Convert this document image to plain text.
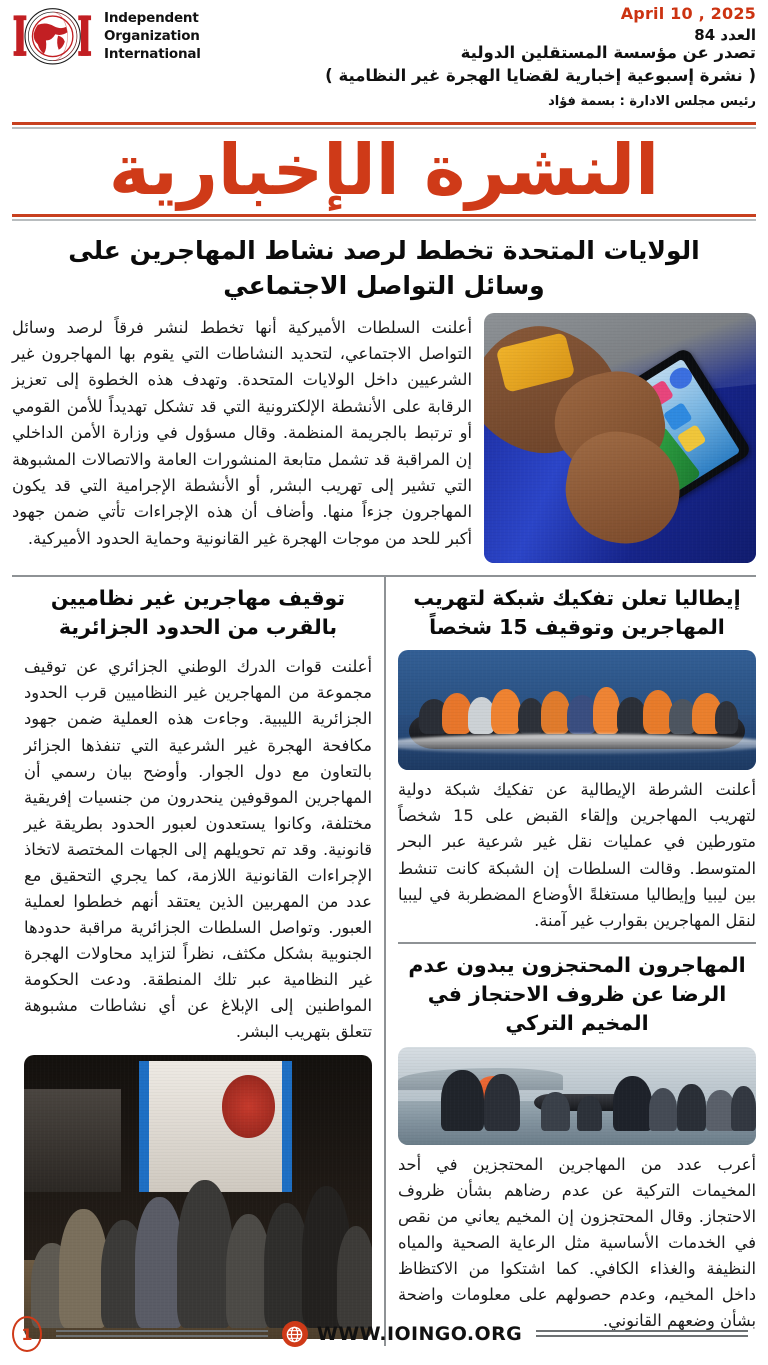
Independent
Organization
International
April 10 , 2025
العدد 84
تصدر عن مؤسسة المستقلين الدولية
( نشرة إسبوعية إخبارية لقضايا الهجرة غير النظامية )
رئيس مجلس الادارة : بسمة فؤاد
النشرة الإخبارية
الولايات المتحدة تخطط لرصد نشاط المهاجرين على وسائل التواصل الاجتماعي
أعلنت السلطات الأميركية أنها تخطط لنشر فرقاً لرصد وسائل التواصل الاجتماعي، لتحديد النشاطات التي يقوم بها المهاجرون غير الشرعيين داخل الولايات المتحدة. وتهدف هذه الخطوة إلى تعزيز الرقابة على الأنشطة الإلكترونية التي قد تشكل تهديداً للأمن القومي أو ترتبط بالجريمة المنظمة. وقال مسؤول في وزارة الأمن الداخلي إن المراقبة قد تشمل متابعة المنشورات العامة والاتصالات المشبوهة التي تشير إلى تهريب البشر, أو الأنشطة الإجرامية التي قد يكون المهاجرون جزءاً منها. وأضاف أن هذه الإجراءات تأتي ضمن جهود أكبر للحد من موجات الهجرة غير القانونية وحماية الحدود الأميركية.
إيطاليا تعلن تفكيك شبكة لتهريب المهاجرين وتوقيف 15 شخصاً
أعلنت الشرطة الإيطالية عن تفكيك شبكة دولية لتهريب المهاجرين وإلقاء القبض على 15 شخصاً متورطين في عمليات نقل غير شرعية عبر البحر المتوسط. وقالت السلطات إن الشبكة كانت تنشط بين ليبيا وإيطاليا مستغلةً الأوضاع المضطربة في ليبيا لنقل المهاجرين بقوارب غير آمنة.
المهاجرون المحتجزون يبدون عدم الرضا عن ظروف الاحتجاز في المخيم التركي
أعرب عدد من المهاجرين المحتجزين في أحد المخيمات التركية عن عدم رضاهم بشأن ظروف الاحتجاز. وقال المحتجزون إن المخيم يعاني من نقص في الخدمات الأساسية مثل الرعاية الصحية والمياه النظيفة والغذاء الكافي. كما اشتكوا من الاكتظاظ داخل المخيم، وعدم حصولهم على معلومات واضحة بشأن وضعهم القانوني.
توقيف مهاجرين غير نظاميين بالقرب من الحدود الجزائرية
أعلنت قوات الدرك الوطني الجزائري عن توقيف مجموعة من المهاجرين غير النظاميين قرب الحدود الجزائرية الليبية. وجاءت هذه العملية ضمن جهود مكافحة الهجرة غير الشرعية التي تنفذها الجزائر بالتعاون مع دول الجوار. وأوضح بيان رسمي أن المهاجرين الموقوفين ينحدرون من جنسيات إفريقية مختلفة، وكانوا يستعدون لعبور الحدود بطريقة غير قانونية. وقد تم تحويلهم إلى الجهات المختصة لاتخاذ الإجراءات القانونية اللازمة، كما يجري التحقيق مع عدد من المهربين الذين يعتقد أنهم خططوا لعملية العبور. وتواصل السلطات الجزائرية مراقبة حدودها الجنوبية بشكل مكثف، نظراً لتزايد محاولات الهجرة غير النظامية عبر تلك المنطقة. ودعت الحكومة المواطنين إلى الإبلاغ عن أي نشاطات مشبوهة تتعلق بتهريب البشر.
1	WWW.IOINGO.ORG
